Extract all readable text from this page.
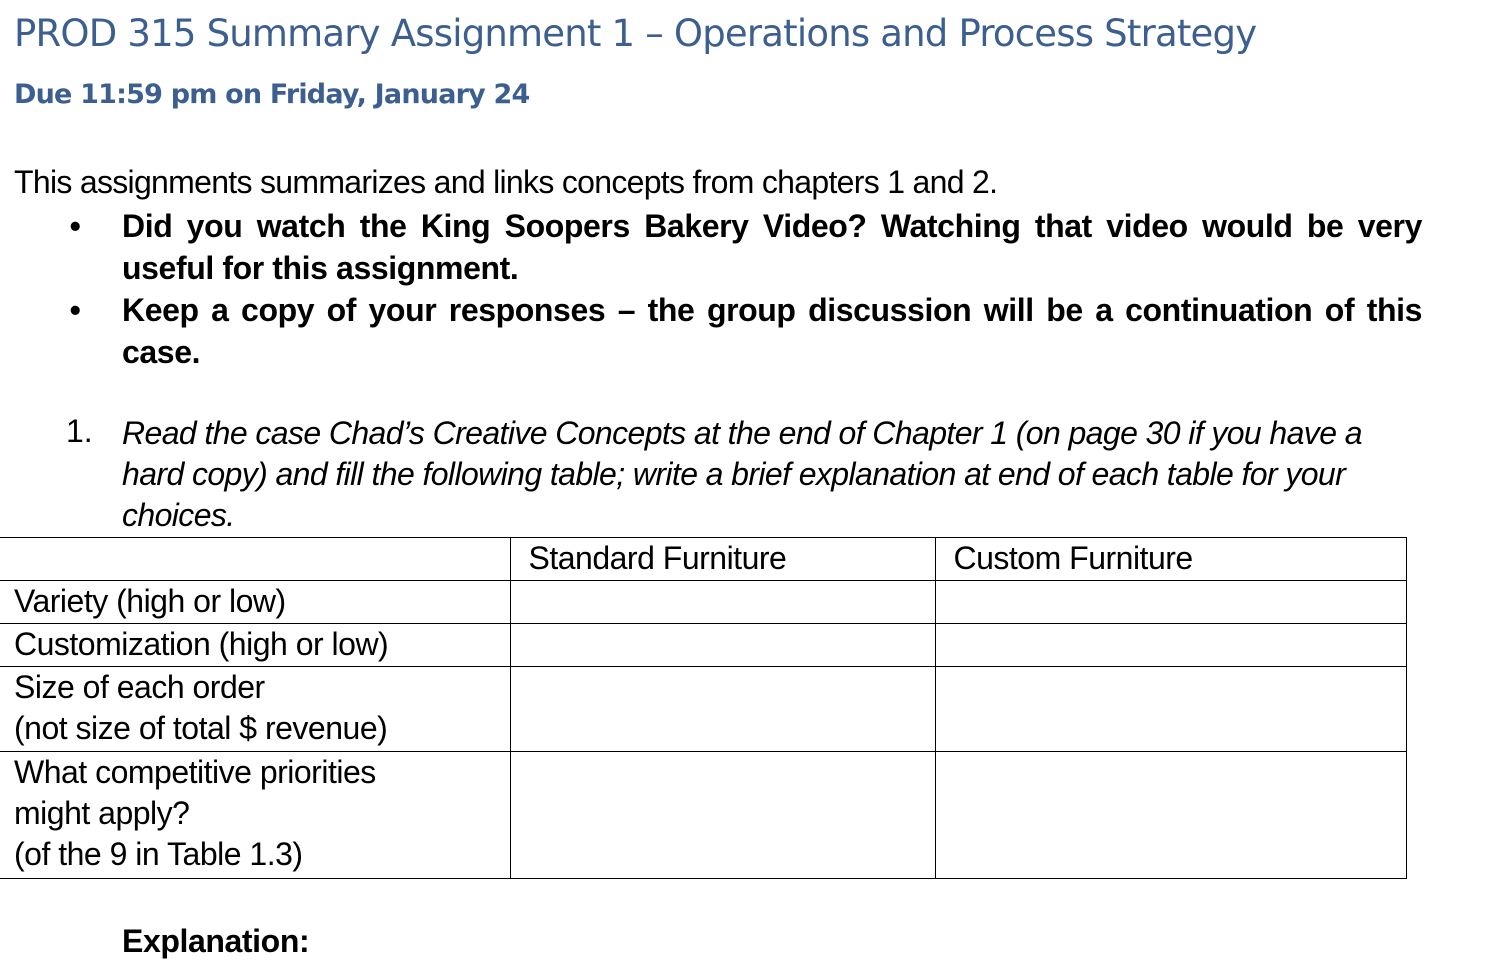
PROD 315 Summary Assignment 1 – Operations and Process Strategy
Due 11:59 pm on Friday, January 24
This assignments summarizes and links concepts from chapters 1 and 2.
• Did you watch the King Soopers Bakery Video? Watching that video would be very useful for this assignment.
• Keep a copy of your responses – the group discussion will be a continuation of this case.
1. Read the case Chad’s Creative Concepts at the end of Chapter 1 (on page 30 if you have a hard copy) and fill the following table; write a brief explanation at end of each table for your choices.
	Standard Furniture	Custom Furniture

Variety (high or low)		

Customization (high or low)		

Size of each order
(not size of total $ revenue)		

What competitive priorities
might apply?
(of the 9 in Table 1.3)		

Explanation:
